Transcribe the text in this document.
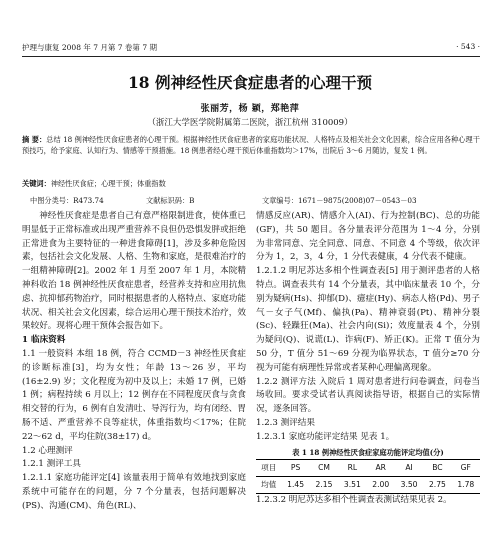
护理与康复 2008 年 7 月第 7 卷第 7 期	· 543 ·
18 例神经性厌食症患者的心理干预
张丽芳，杨 颖，郑艳萍
（浙江大学医学院附属第二医院，浙江杭州 310009）
摘 要：总结 18 例神经性厌食症患者的心理干预。根据神经性厌食症患者的家庭功能状况、人格特点及相关社会文化因素，综合应用各种心理干预技巧，给予家庭、认知行为、情感等干预措施。18 例患者经心理干预后体重指数均＞17%，出院后 3～6 月随访，复发 1 例。
关键词：神经性厌食症；心理干预；体重指数
中图分类号：R473.74	文献标识码：B	文章编号：1671－9875(2008)07－0543－03

神经性厌食症是患者自己有意严格限制进食，使体重已明显低于正常标准或出现严重营养不良但仍恐惧发胖或拒绝正常进食为主要特征的一种进食障碍[1]，涉及多种危险因素，包括社会文化发展、人格、生物和家庭，是很难治疗的一组精神障碍[2]。2002 年 1 月至 2007 年 1 月，本院精神科收治 18 例神经性厌食症患者，经营养支持和应用抗焦虑、抗抑郁药物治疗，同时根据患者的人格特点、家庭功能状况、相关社会文化因素，综合运用心理干预技术治疗，效果较好。现将心理干预体会报告如下。

1 临床资料

1.1 一般资料 本组 18 例，符合 CCMD－3 神经性厌食症的诊断标准[3]，均为女性；年龄 13～26 岁，平均(16±2.9) 岁；文化程度为初中及以上；未婚 17 例，已婚 1 例；病程持续 6 月以上；12 例存在不同程度厌食与贪食相交替的行为，6 例有自发清吐、导泻行为，均有闭经、胃肠不适、严重营养不良等症状，体重指数均＜17%；住院 22～62 d，平均住院(38±17) d。

1.2 心理测评

1.2.1 测评工具

1.2.1.1 家庭功能评定[4] 该量表用于简单有效地找到家庭系统中可能存在的问题，分 7 个分量表，包括问题解决(PS)、沟通(CM)、角色(RL)、

情感反应(AR)、情感介入(AI)、行为控制(BC)、总的功能(GF)，共 50 题目。各分量表评分范围为 1～4 分，分别为非常同意、完全同意、同意、不同意 4 个等级，依次评分为 1，2，3，4 分，1 分代表健康，4 分代表不健康。

1.2.1.2 明尼苏达多相个性调查表[5] 用于测评患者的人格特点。调查表共有 14 个分量表，其中临床量表 10 个，分别为疑病(Hs)、抑郁(D)、癔症(Hy)、病态人格(Pd)、男子气－女子气(Mf)、偏执(Pa)、精神衰弱(Pt)、精神分裂(Sc)、轻躁狂(Ma)、社会内向(Si)；效度量表 4 个，分别为疑问(Q)、说谎(L)、诈病(F)、矫正(K)。正常 T 值分为 50 分，T 值分 51～69 分视为临界状态，T 值分≥70 分视为可能有病理性异常或者某种心理偏离现象。

1.2.2 测评方法 入院后 1 周对患者进行问卷调查，问卷当场收回。要求受试者认真阅读指导语，根据自己的实际情况，逐条回答。

1.2.3 测评结果

1.2.3.1 家庭功能评定结果 见表 1。

表 1 18 例神经性厌食症家庭功能评定均值(分)
项目	PS	CM	RL	AR	AI	BC	GF
均值	1.45	2.15	3.51	2.00	3.50	2.75	1.78

1.2.3.2 明尼苏达多相个性调查表测试结果见表 2。
